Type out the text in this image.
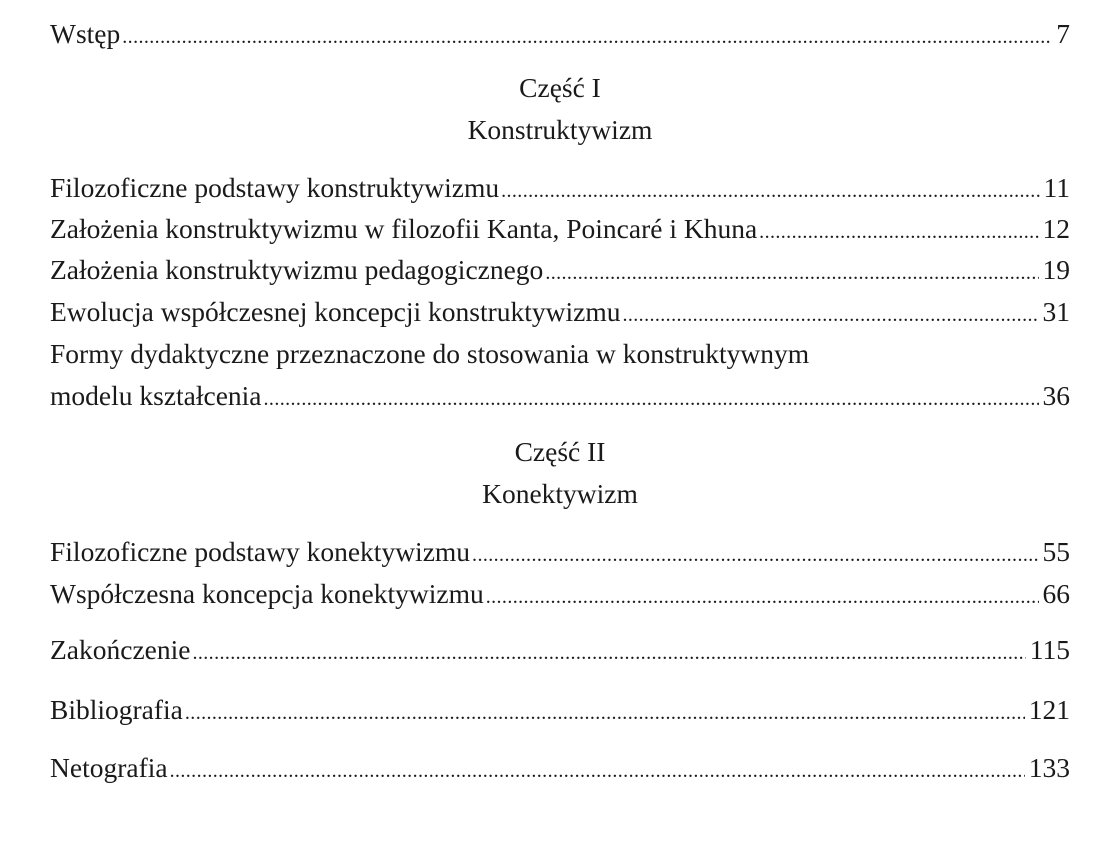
Wstęp . . .	7
Część I
Konstruktywizm
Filozoficzne podstawy konstruktywizmu . . .	11
Założenia konstruktywizmu w filozofii Kanta, Poincaré i Khuna . . .	12
Założenia konstruktywizmu pedagogicznego . . .	19
Ewolucja współczesnej koncepcji konstruktywizmu . . .	31
Formy dydaktyczne przeznaczone do stosowania w konstruktywnym
modelu kształcenia . . .	36
Część II
Konektywizm
Filozoficzne podstawy konektywizmu . . .	55
Współczesna koncepcja konektywizmu . . .	66
Zakończenie . . .	115
Bibliografia . . .	121
Netografia . . .	133
